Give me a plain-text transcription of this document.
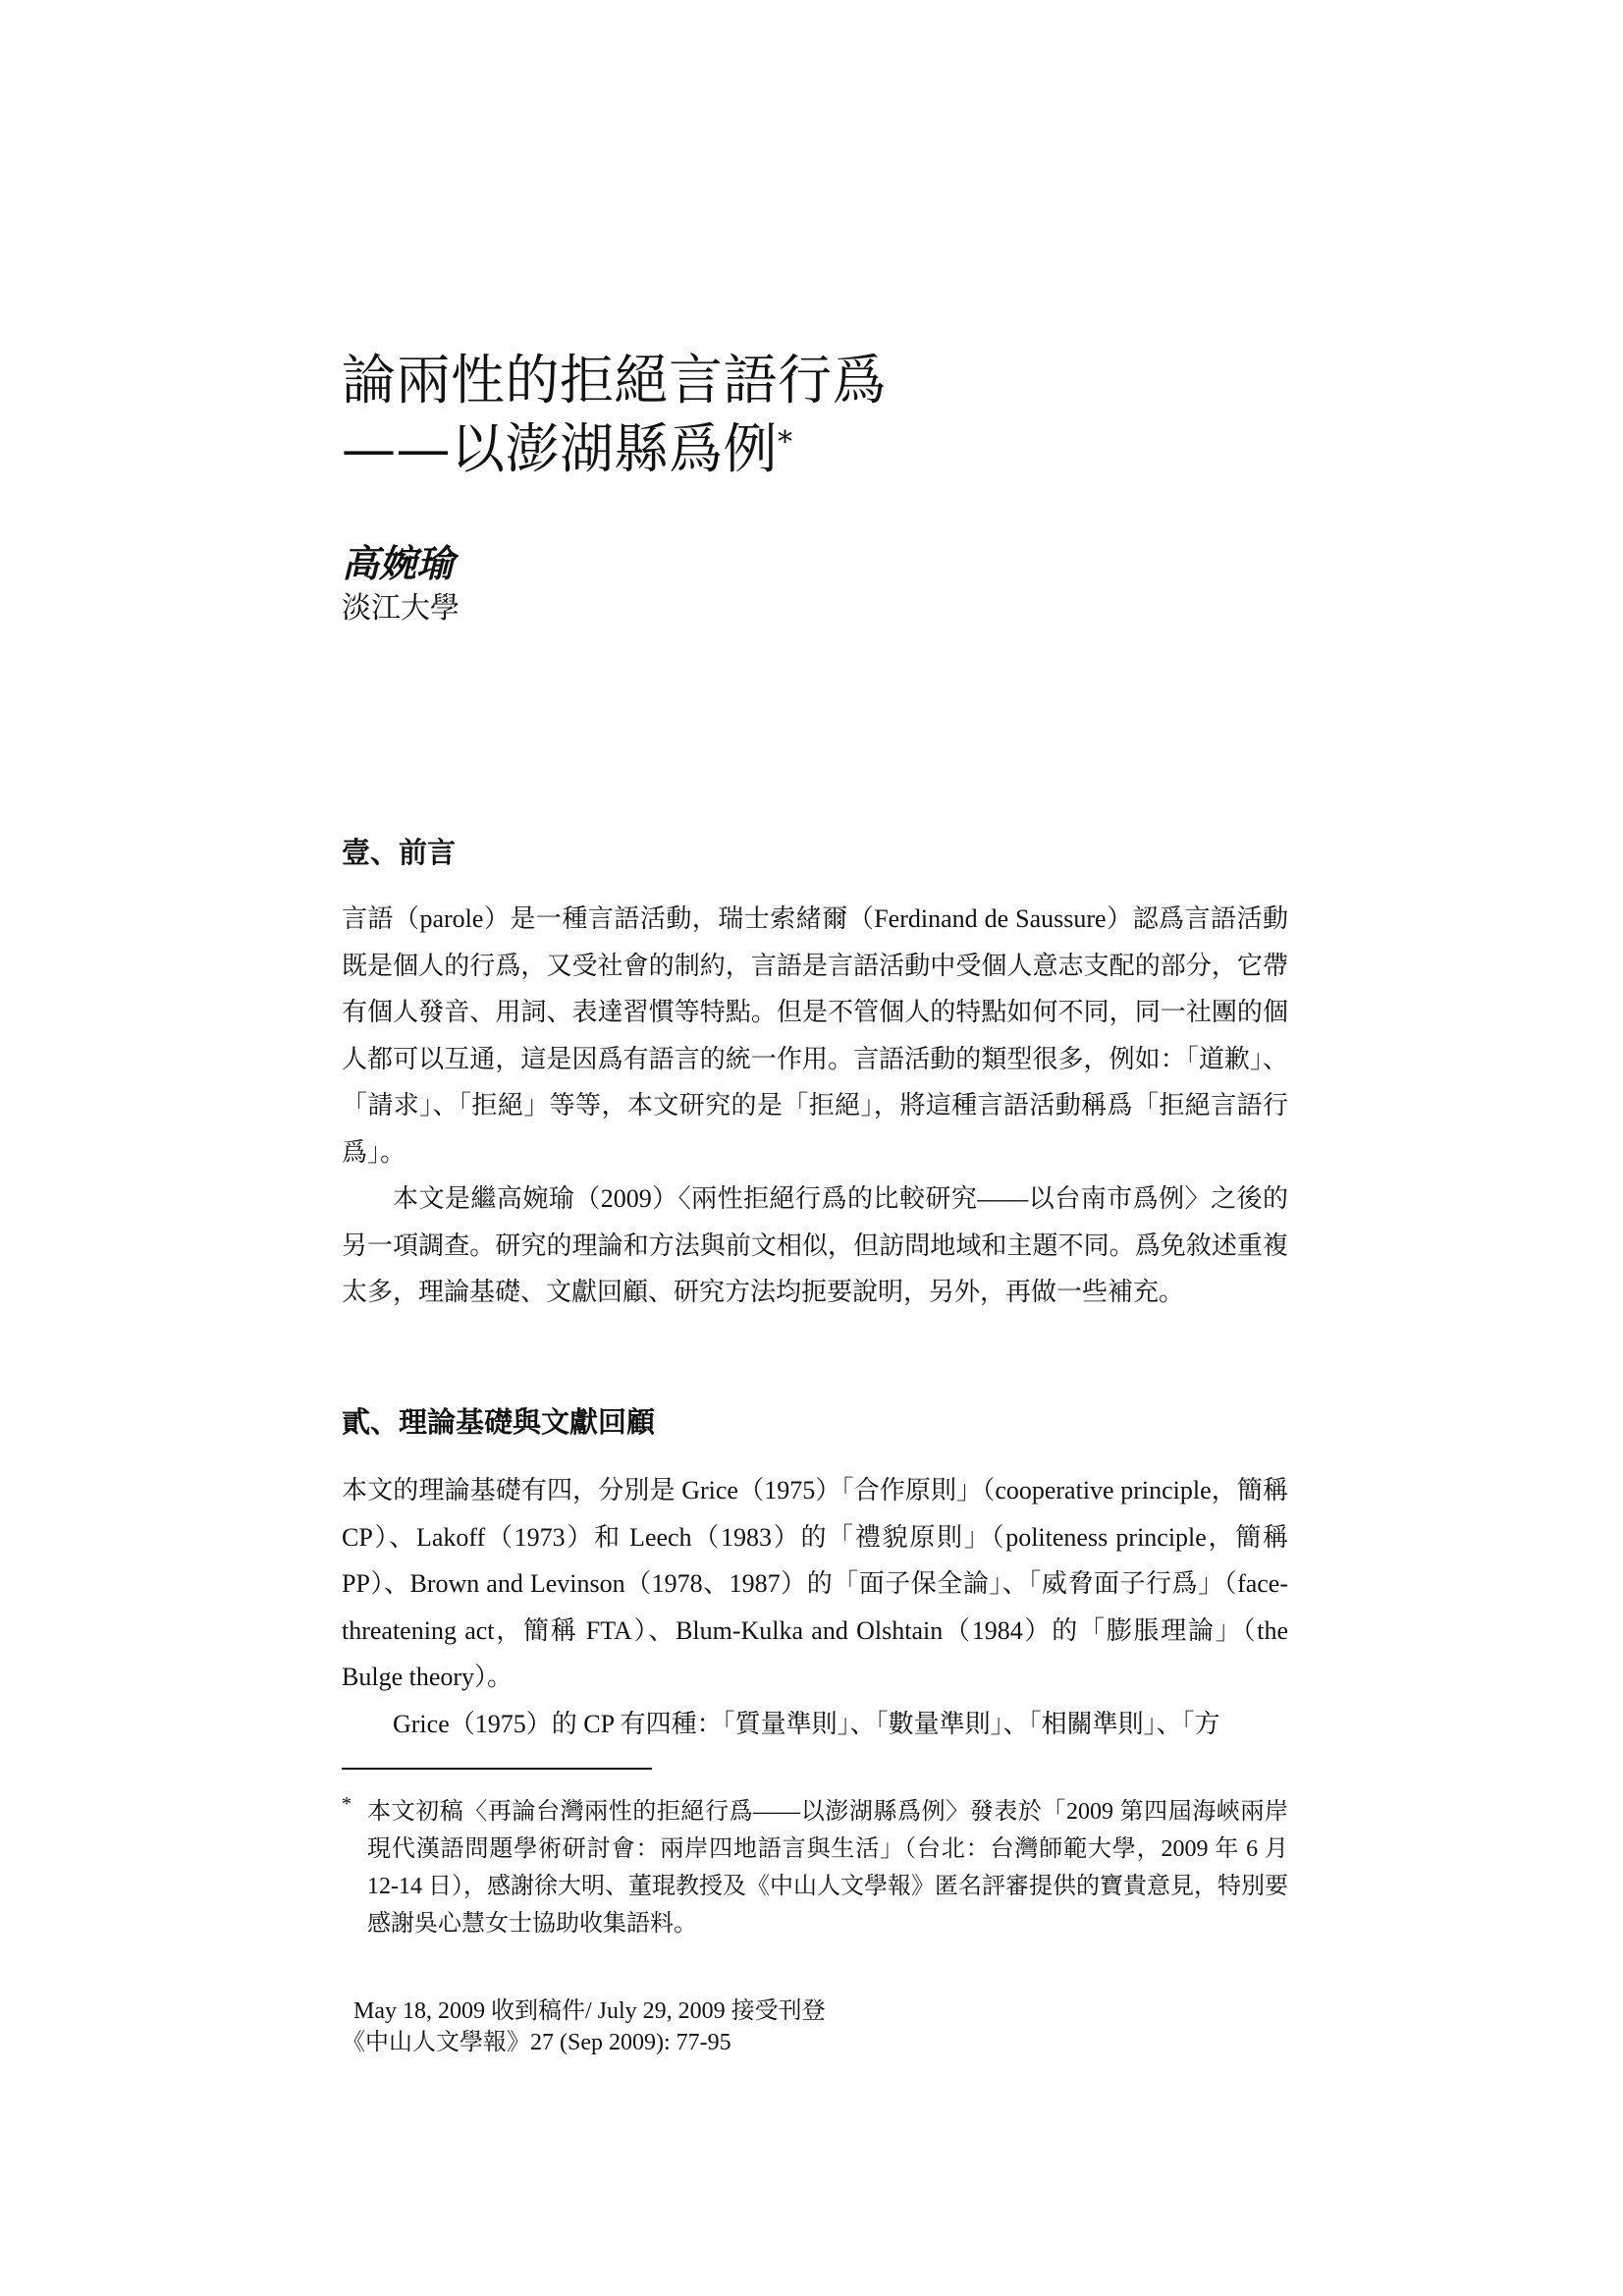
論兩性的拒絕言語行爲
——以澎湖縣爲例*

高婉瑜

淡江大學

壹、前言

言語（parole）是一種言語活動，瑞士索緒爾（Ferdinand de Saussure）認爲言語活動既是個人的行爲，又受社會的制約，言語是言語活動中受個人意志支配的部分，它帶有個人發音、用詞、表達習慣等特點。但是不管個人的特點如何不同，同一社團的個人都可以互通，這是因爲有語言的統一作用。言語活動的類型很多，例如：「道歉」、「請求」、「拒絕」等等，本文研究的是「拒絕」，將這種言語活動稱爲「拒絕言語行爲」。

本文是繼高婉瑜（2009）〈兩性拒絕行爲的比較研究——以台南市爲例〉之後的另一項調查。研究的理論和方法與前文相似，但訪問地域和主題不同。爲免敘述重複太多，理論基礎、文獻回顧、研究方法均扼要說明，另外，再做一些補充。

貳、理論基礎與文獻回顧

本文的理論基礎有四，分別是 Grice（1975）「合作原則」（cooperative principle，簡稱 CP）、Lakoff（1973）和 Leech（1983）的「禮貌原則」（politeness principle，簡稱 PP）、Brown and Levinson（1978、1987）的「面子保全論」、「威脅面子行爲」（face-threatening act，簡稱 FTA）、Blum-Kulka and Olshtain（1984）的「膨脹理論」（the Bulge theory）。

Grice（1975）的 CP 有四種：「質量準則」、「數量準則」、「相關準則」、「方

* 本文初稿〈再論台灣兩性的拒絕行爲——以澎湖縣爲例〉發表於「2009 第四屆海峽兩岸現代漢語問題學術研討會：兩岸四地語言與生活」（台北：台灣師範大學，2009 年 6 月 12-14 日），感謝徐大明、董琨教授及《中山人文學報》匿名評審提供的寶貴意見，特別要感謝吳心慧女士協助收集語料。
May 18, 2009 收到稿件/ July 29, 2009 接受刊登
《中山人文學報》27 (Sep 2009): 77-95
